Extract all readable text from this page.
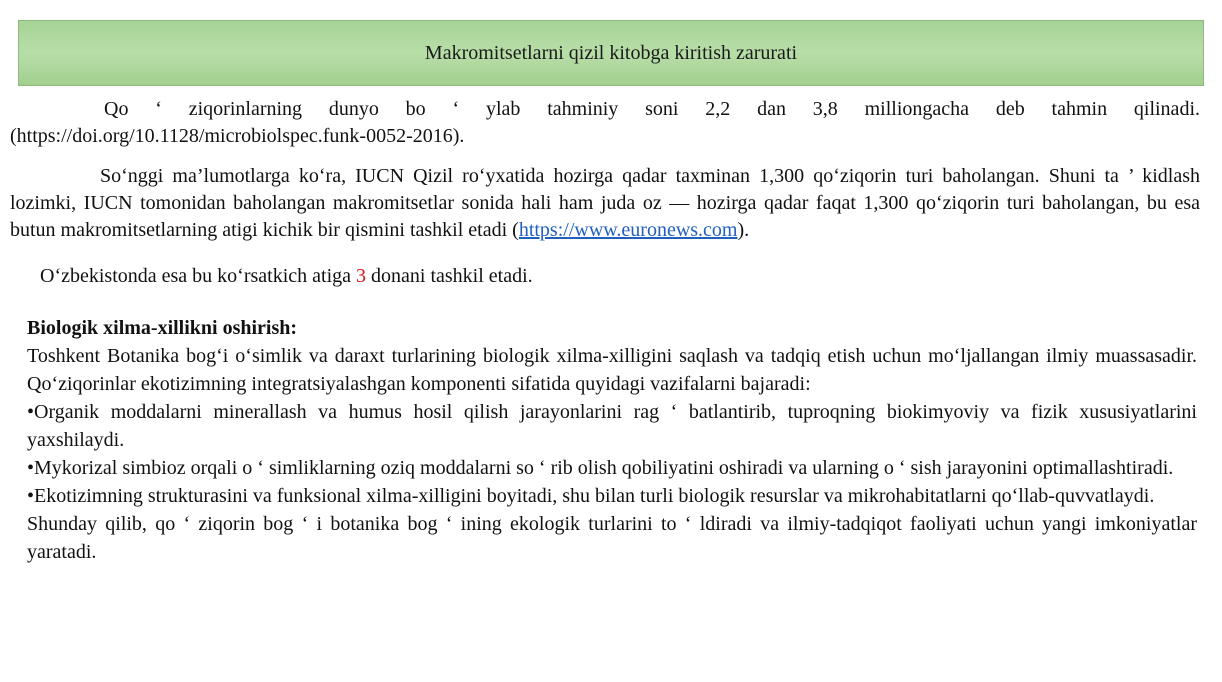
Makromitsetlarni qizil kitobga kiritish zarurati

Qo ‘ ziqorinlarning dunyo bo ‘ ylab tahminiy soni 2,2 dan 3,8 milliongacha deb tahmin qilinadi. (https://doi.org/10.1128/microbiolspec.funk-0052-2016).

So‘nggi ma’lumotlarga ko‘ra, IUCN Qizil ro‘yxatida hozirga qadar taxminan 1,300 qo‘ziqorin turi baholangan. Shuni ta ’ kidlash lozimki, IUCN tomonidan baholangan makromitsetlar sonida hali ham juda oz — hozirga qadar faqat 1,300 qo‘ziqorin turi baholangan, bu esa butun makromitsetlarning atigi kichik bir qismini tashkil etadi (https://www.euronews.com).

O‘zbekistonda esa bu ko‘rsatkich atiga 3 donani tashkil etadi.

Biologik xilma-xillikni oshirish:
Toshkent Botanika bog‘i o‘simlik va daraxt turlarining biologik xilma-xilligini saqlash va tadqiq etish uchun mo‘ljallangan ilmiy muassasadir. Qo‘ziqorinlar ekotizimning integratsiyalashgan komponenti sifatida quyidagi vazifalarni bajaradi:
•Organik moddalarni minerallash va humus hosil qilish jarayonlarini rag ‘ batlantirib, tuproqning biokimyoviy va fizik xususiyatlarini yaxshilaydi.
•Mykorizal simbioz orqali o ‘ simliklarning oziq moddalarni so ‘ rib olish qobiliyatini oshiradi va ularning o ‘ sish jarayonini optimallashtiradi.
•Ekotizimning strukturasini va funksional xilma-xilligini boyitadi, shu bilan turli biologik resurslar va mikrohabitatlarni qo‘llab-quvvatlaydi.
Shunday qilib, qo ‘ ziqorin bog ‘ i botanika bog ‘ ining ekologik turlarini to ‘ ldiradi va ilmiy-tadqiqot faoliyati uchun yangi imkoniyatlar yaratadi.
